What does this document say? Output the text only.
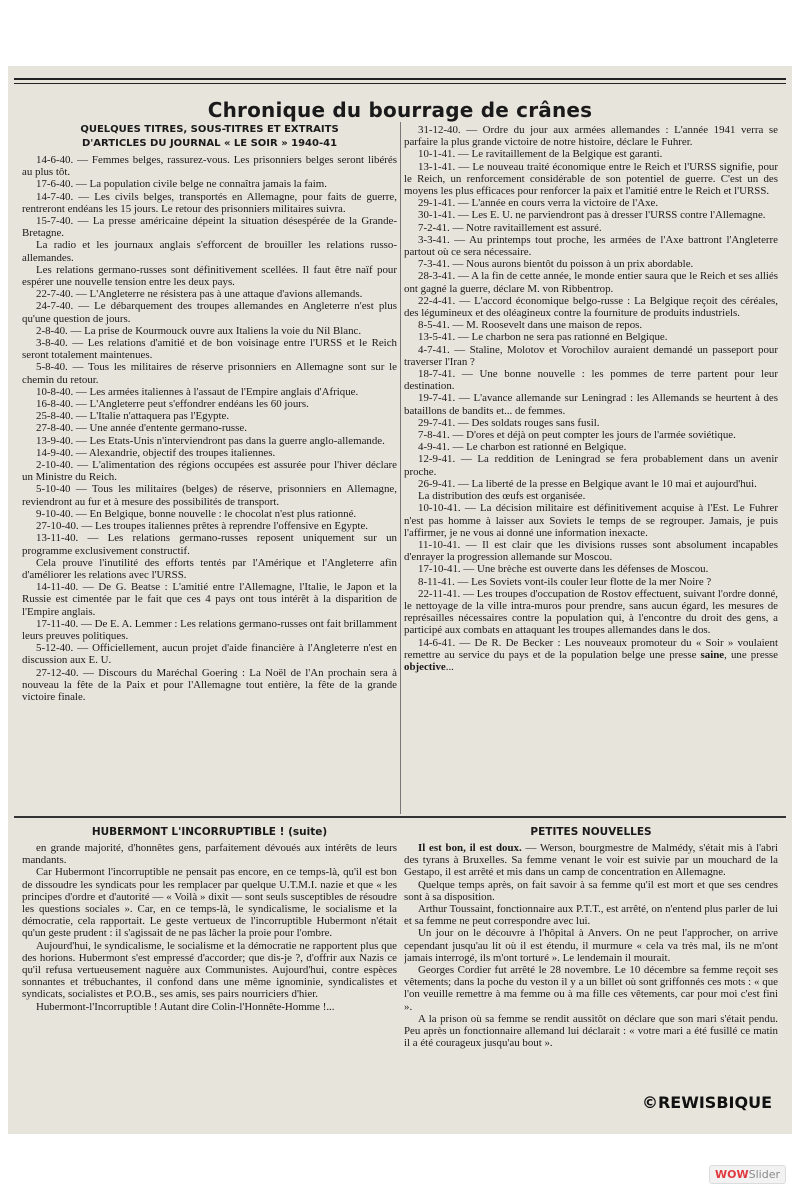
Chronique du bourrage de crânes
QUELQUES TITRES, SOUS-TITRES ET EXTRAITS
D'ARTICLES DU JOURNAL « LE SOIR » 1940-41

14-6-40. — Femmes belges, rassurez-vous. Les prisonniers belges seront libérés au plus tôt.

17-6-40. — La population civile belge ne connaîtra jamais la faim.

14-7-40. — Les civils belges, transportés en Allemagne, pour faits de guerre, rentreront endéans les 15 jours. Le retour des prisonniers militaires suivra.

15-7-40. — La presse américaine dépeint la situation désespérée de la Grande-Bretagne.

La radio et les journaux anglais s'efforcent de brouiller les relations russo-allemandes.

Les relations germano-russes sont définitivement scellées. Il faut être naïf pour espérer une nouvelle tension entre les deux pays.

22-7-40. — L'Angleterre ne résistera pas à une attaque d'avions allemands.

24-7-40. — Le débarquement des troupes allemandes en Angleterre n'est plus qu'une question de jours.

2-8-40. — La prise de Kourmouck ouvre aux Italiens la voie du Nil Blanc.

3-8-40. — Les relations d'amitié et de bon voisinage entre l'URSS et le Reich seront totalement maintenues.

5-8-40. — Tous les militaires de réserve prisonniers en Allemagne sont sur le chemin du retour.

10-8-40. — Les armées italiennes à l'assaut de l'Empire anglais d'Afrique.

16-8-40. — L'Angleterre peut s'effondrer endéans les 60 jours.

25-8-40. — L'Italie n'attaquera pas l'Egypte.

27-8-40. — Une année d'entente germano-russe.

13-9-40. — Les Etats-Unis n'interviendront pas dans la guerre anglo-allemande.

14-9-40. — Alexandrie, objectif des troupes italiennes.

2-10-40. — L'alimentation des régions occupées est assurée pour l'hiver déclare un Ministre du Reich.

5-10-40 — Tous les militaires (belges) de réserve, prisonniers en Allemagne, reviendront au fur et à mesure des possibilités de transport.

9-10-40. — En Belgique, bonne nouvelle : le chocolat n'est plus rationné.

27-10-40. — Les troupes italiennes prêtes à reprendre l'offensive en Egypte.

13-11-40. — Les relations germano-russes reposent uniquement sur un programme exclusivement constructif.

Cela prouve l'inutilité des efforts tentés par l'Amérique et l'Angleterre afin d'améliorer les relations avec l'URSS.

14-11-40. — De G. Beatse : L'amitié entre l'Allemagne, l'Italie, le Japon et la Russie est cimentée par le fait que ces 4 pays ont tous intérêt à la disparition de l'Empire anglais.

17-11-40. — De E. A. Lemmer : Les relations germano-russes ont fait brillamment leurs preuves politiques.

5-12-40. — Officiellement, aucun projet d'aide financière à l'Angleterre n'est en discussion aux E. U.

27-12-40. — Discours du Maréchal Goering : La Noël de l'An prochain sera à nouveau la fête de la Paix et pour l'Allemagne tout entière, la fête de la grande victoire finale.

31-12-40. — Ordre du jour aux armées allemandes : L'année 1941 verra se parfaire la plus grande victoire de notre histoire, déclare le Fuhrer.

10-1-41. — Le ravitaillement de la Belgique est garanti.

13-1-41. — Le nouveau traité économique entre le Reich et l'URSS signifie, pour le Reich, un renforcement considérable de son potentiel de guerre. C'est un des moyens les plus efficaces pour renforcer la paix et l'amitié entre le Reich et l'URSS.

29-1-41. — L'année en cours verra la victoire de l'Axe.

30-1-41. — Les E. U. ne parviendront pas à dresser l'URSS contre l'Allemagne.

7-2-41. — Notre ravitaillement est assuré.

3-3-41. — Au printemps tout proche, les armées de l'Axe battront l'Angleterre partout où ce sera nécessaire.

7-3-41. — Nous aurons bientôt du poisson à un prix abordable.

28-3-41. — A la fin de cette année, le monde entier saura que le Reich et ses alliés ont gagné la guerre, déclare M. von Ribbentrop.

22-4-41. — L'accord économique belgo-russe : La Belgique reçoit des céréales, des légumineux et des oléagineux contre la fourniture de produits industriels.

8-5-41. — M. Roosevelt dans une maison de repos.

13-5-41. — Le charbon ne sera pas rationné en Belgique.

4-7-41. — Staline, Molotov et Vorochilov auraient demandé un passeport pour traverser l'Iran ?

18-7-41. — Une bonne nouvelle : les pommes de terre partent pour leur destination.

19-7-41. — L'avance allemande sur Leningrad : les Allemands se heurtent à des bataillons de bandits et... de femmes.

29-7-41. — Des soldats rouges sans fusil.

7-8-41. — D'ores et déjà on peut compter les jours de l'armée soviétique.

4-9-41. — Le charbon est rationné en Belgique.

12-9-41. — La reddition de Leningrad se fera probablement dans un avenir proche.

26-9-41. — La liberté de la presse en Belgique avant le 10 mai et aujourd'hui.

La distribution des œufs est organisée.

10-10-41. — La décision militaire est définitivement acquise à l'Est. Le Fuhrer n'est pas homme à laisser aux Soviets le temps de se regrouper. Jamais, je puis l'affirmer, je ne vous ai donné une information inexacte.

11-10-41. — Il est clair que les divisions russes sont absolument incapables d'enrayer la progression allemande sur Moscou.

17-10-41. — Une brèche est ouverte dans les défenses de Moscou.

8-11-41. — Les Soviets vont-ils couler leur flotte de la mer Noire ?

22-11-41. — Les troupes d'occupation de Rostov effectuent, suivant l'ordre donné, le nettoyage de la ville intra-muros pour prendre, sans aucun égard, les mesures de représailles nécessaires contre la population qui, à l'encontre du droit des gens, a participé aux combats en attaquant les troupes allemandes dans le dos.

14-6-41. — De R. De Becker : Les nouveaux promoteur du « Soir » voulaient remettre au service du pays et de la population belge une presse saine, une presse objective...

HUBERMONT L'INCORRUPTIBLE ! (suite)

en grande majorité, d'honnêtes gens, parfaitement dévoués aux intérêts de leurs mandants.

Car Hubermont l'incorruptible ne pensait pas encore, en ce temps-là, qu'il est bon de dissoudre les syndicats pour les remplacer par quelque U.T.M.I. nazie et que « les principes d'ordre et d'autorité — « Voilà » dixit — sont seuls susceptibles de résoudre les questions sociales ». Car, en ce temps-là, le syndicalisme, le socialisme et la démocratie, cela rapportait. Le geste vertueux de l'incorruptible Hubermont n'était qu'un geste prudent : il s'agissait de ne pas lâcher la proie pour l'ombre.

Aujourd'hui, le syndicalisme, le socialisme et la démocratie ne rapportent plus que des horions. Hubermont s'est empressé d'accorder; que dis-je ?, d'offrir aux Nazis ce qu'il refusa vertueusement naguère aux Communistes. Aujourd'hui, contre espèces sonnantes et trébuchantes, il confond dans une même ignominie, syndicalistes et syndicats, socialistes et P.O.B., ses amis, ses pairs nourriciers d'hier.

Hubermont-l'Incorruptible ! Autant dire Colin-l'Honnête-Homme !...

PETITES NOUVELLES

Il est bon, il est doux. — Werson, bourgmestre de Malmédy, s'était mis à l'abri des tyrans à Bruxelles. Sa femme venant le voir est suivie par un mouchard de la Gestapo, il est arrêté et mis dans un camp de concentration en Allemagne.

Quelque temps après, on fait savoir à sa femme qu'il est mort et que ses cendres sont à sa disposition.

Arthur Toussaint, fonctionnaire aux P.T.T., est arrêté, on n'entend plus parler de lui et sa femme ne peut correspondre avec lui.

Un jour on le découvre à l'hôpital à Anvers. On ne peut l'approcher, on arrive cependant jusqu'au lit où il est étendu, il murmure « cela va très mal, ils ne m'ont jamais interrogé, ils m'ont torturé ». Le lendemain il mourait.

Georges Cordier fut arrêté le 28 novembre. Le 10 décembre sa femme reçoit ses vêtements; dans la poche du veston il y a un billet où sont griffonnés ces mots : « que l'on veuille remettre à ma femme ou à ma fille ces vêtements, car pour moi c'est fini ».

A la prison où sa femme se rendit aussitôt on déclare que son mari s'était pendu. Peu après un fonctionnaire allemand lui déclarait : « votre mari a été fusillé ce matin il a été courageux jusqu'au bout ».

©REWISBIQUE
WOWSlider
